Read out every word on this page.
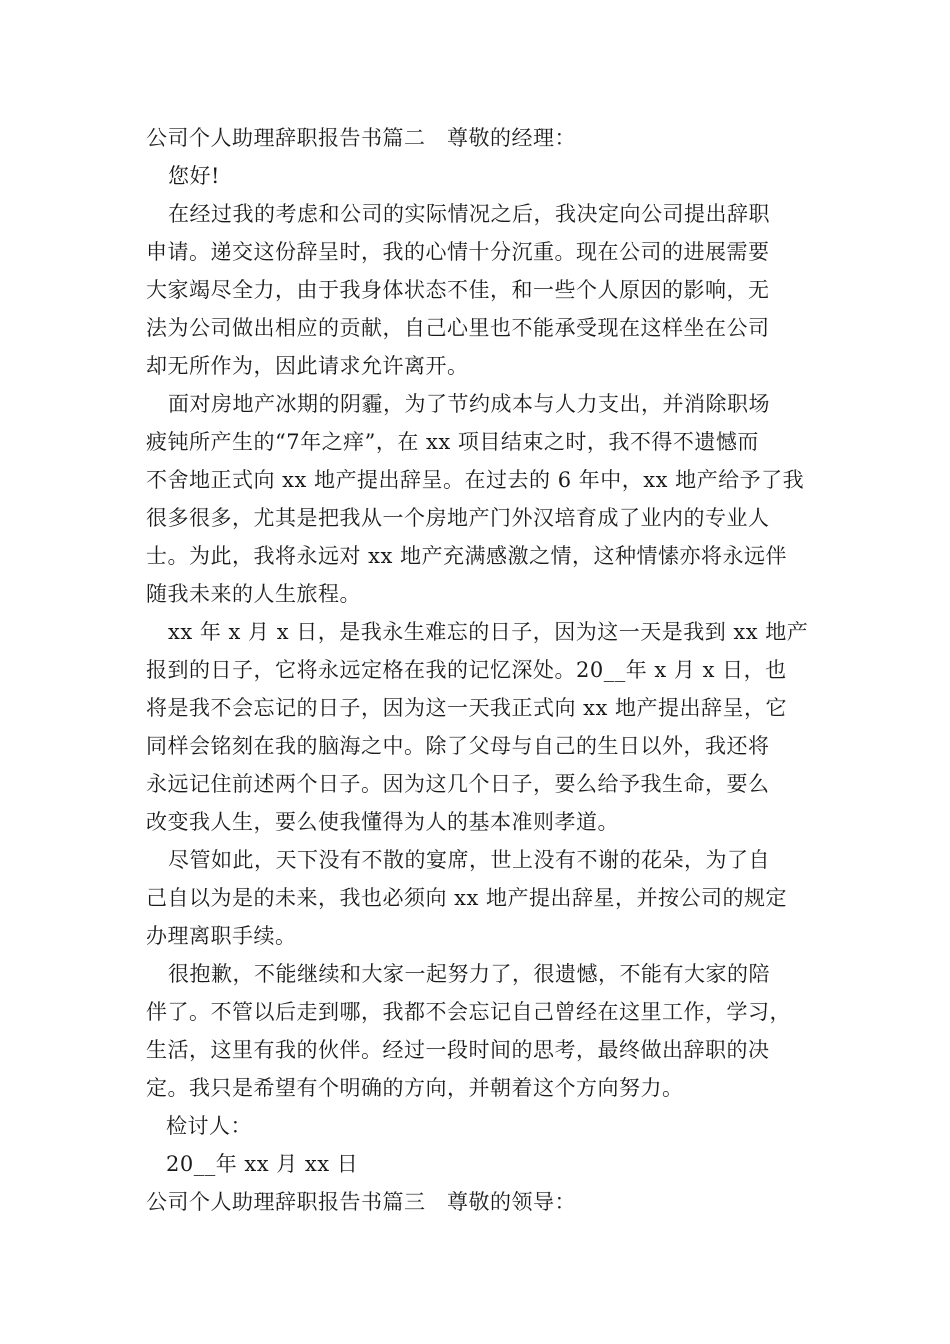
公司个人助理辞职报告书篇二　尊敬的经理：
您好!
在经过我的考虑和公司的实际情况之后，我决定向公司提出辞职
申请。递交这份辞呈时，我的心情十分沉重。现在公司的进展需要
大家竭尽全力，由于我身体状态不佳，和一些个人原因的影响，无
法为公司做出相应的贡献，自己心里也不能承受现在这样坐在公司
却无所作为，因此请求允许离开。
面对房地产冰期的阴霾，为了节约成本与人力支出，并消除职场
疲钝所产生的“7年之痒”，在 xx 项目结束之时，我不得不遗憾而
不舍地正式向 xx 地产提出辞呈。在过去的 6 年中，xx 地产给予了我
很多很多，尤其是把我从一个房地产门外汉培育成了业内的专业人
士。为此，我将永远对 xx 地产充满感激之情，这种情愫亦将永远伴
随我未来的人生旅程。
xx 年 x 月 x 日，是我永生难忘的日子，因为这一天是我到 xx 地产
报到的日子，它将永远定格在我的记忆深处。20__年 x 月 x 日，也
将是我不会忘记的日子，因为这一天我正式向 xx 地产提出辞呈，它
同样会铭刻在我的脑海之中。除了父母与自己的生日以外，我还将
永远记住前述两个日子。因为这几个日子，要么给予我生命，要么
改变我人生，要么使我懂得为人的基本准则孝道。
尽管如此，天下没有不散的宴席，世上没有不谢的花朵，为了自
己自以为是的未来，我也必须向 xx 地产提出辞星，并按公司的规定
办理离职手续。
很抱歉，不能继续和大家一起努力了，很遗憾，不能有大家的陪
伴了。不管以后走到哪，我都不会忘记自己曾经在这里工作，学习，
生活，这里有我的伙伴。经过一段时间的思考，最终做出辞职的决
定。我只是希望有个明确的方向，并朝着这个方向努力。
检讨人：
20__年 xx 月 xx 日
公司个人助理辞职报告书篇三　尊敬的领导：
